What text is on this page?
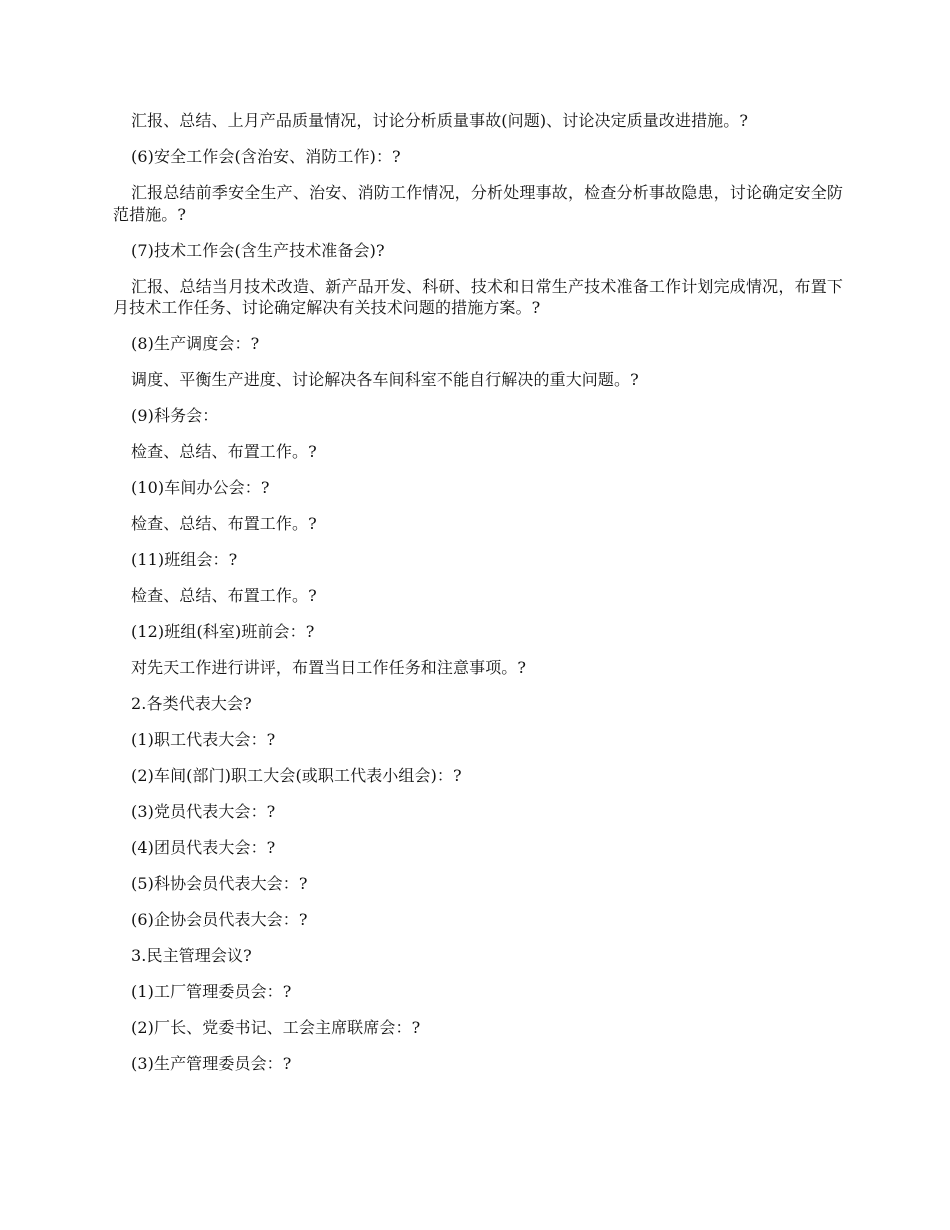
汇报、总结、上月产品质量情况，讨论分析质量事故(问题)、讨论决定质量改进措施。?

(6)安全工作会(含治安、消防工作)：?

汇报总结前季安全生产、治安、消防工作情况，分析处理事故，检查分析事故隐患，讨论确定安全防范措施。?

(7)技术工作会(含生产技术准备会)?

汇报、总结当月技术改造、新产品开发、科研、技术和日常生产技术准备工作计划完成情况，布置下月技术工作任务、讨论确定解决有关技术问题的措施方案。?

(8)生产调度会：?

调度、平衡生产进度、讨论解决各车间科室不能自行解决的重大问题。?

(9)科务会：

检查、总结、布置工作。?

(10)车间办公会：?

检查、总结、布置工作。?

(11)班组会：?

检查、总结、布置工作。?

(12)班组(科室)班前会：?

对先天工作进行讲评，布置当日工作任务和注意事项。?

2.各类代表大会?

(1)职工代表大会：?

(2)车间(部门)职工大会(或职工代表小组会)：?

(3)党员代表大会：?

(4)团员代表大会：?

(5)科协会员代表大会：?

(6)企协会员代表大会：?

3.民主管理会议?

(1)工厂管理委员会：?

(2)厂长、党委书记、工会主席联席会：?

(3)生产管理委员会：?
